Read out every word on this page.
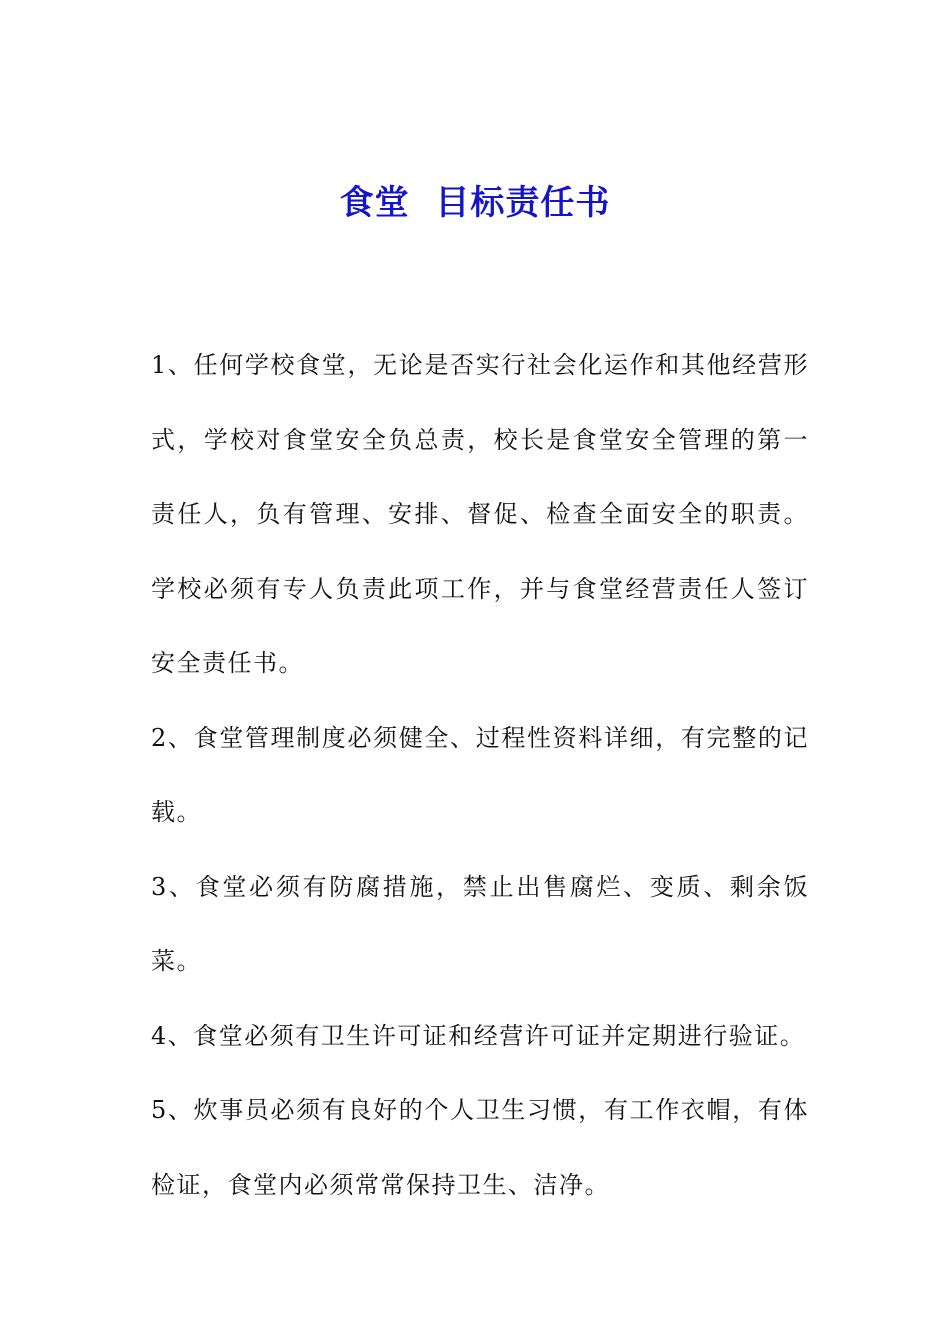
食堂  目标责任书

1、任何学校食堂，无论是否实行社会化运作和其他经营形式，学校对食堂安全负总责，校长是食堂安全管理的第一责任人，负有管理、安排、督促、检查全面安全的职责。学校必须有专人负责此项工作，并与食堂经营责任人签订安全责任书。

2、食堂管理制度必须健全、过程性资料详细，有完整的记载。

3、食堂必须有防腐措施，禁止出售腐烂、变质、剩余饭菜。

4、食堂必须有卫生许可证和经营许可证并定期进行验证。

5、炊事员必须有良好的个人卫生习惯，有工作衣帽，有体检证，食堂内必须常常保持卫生、洁净。
